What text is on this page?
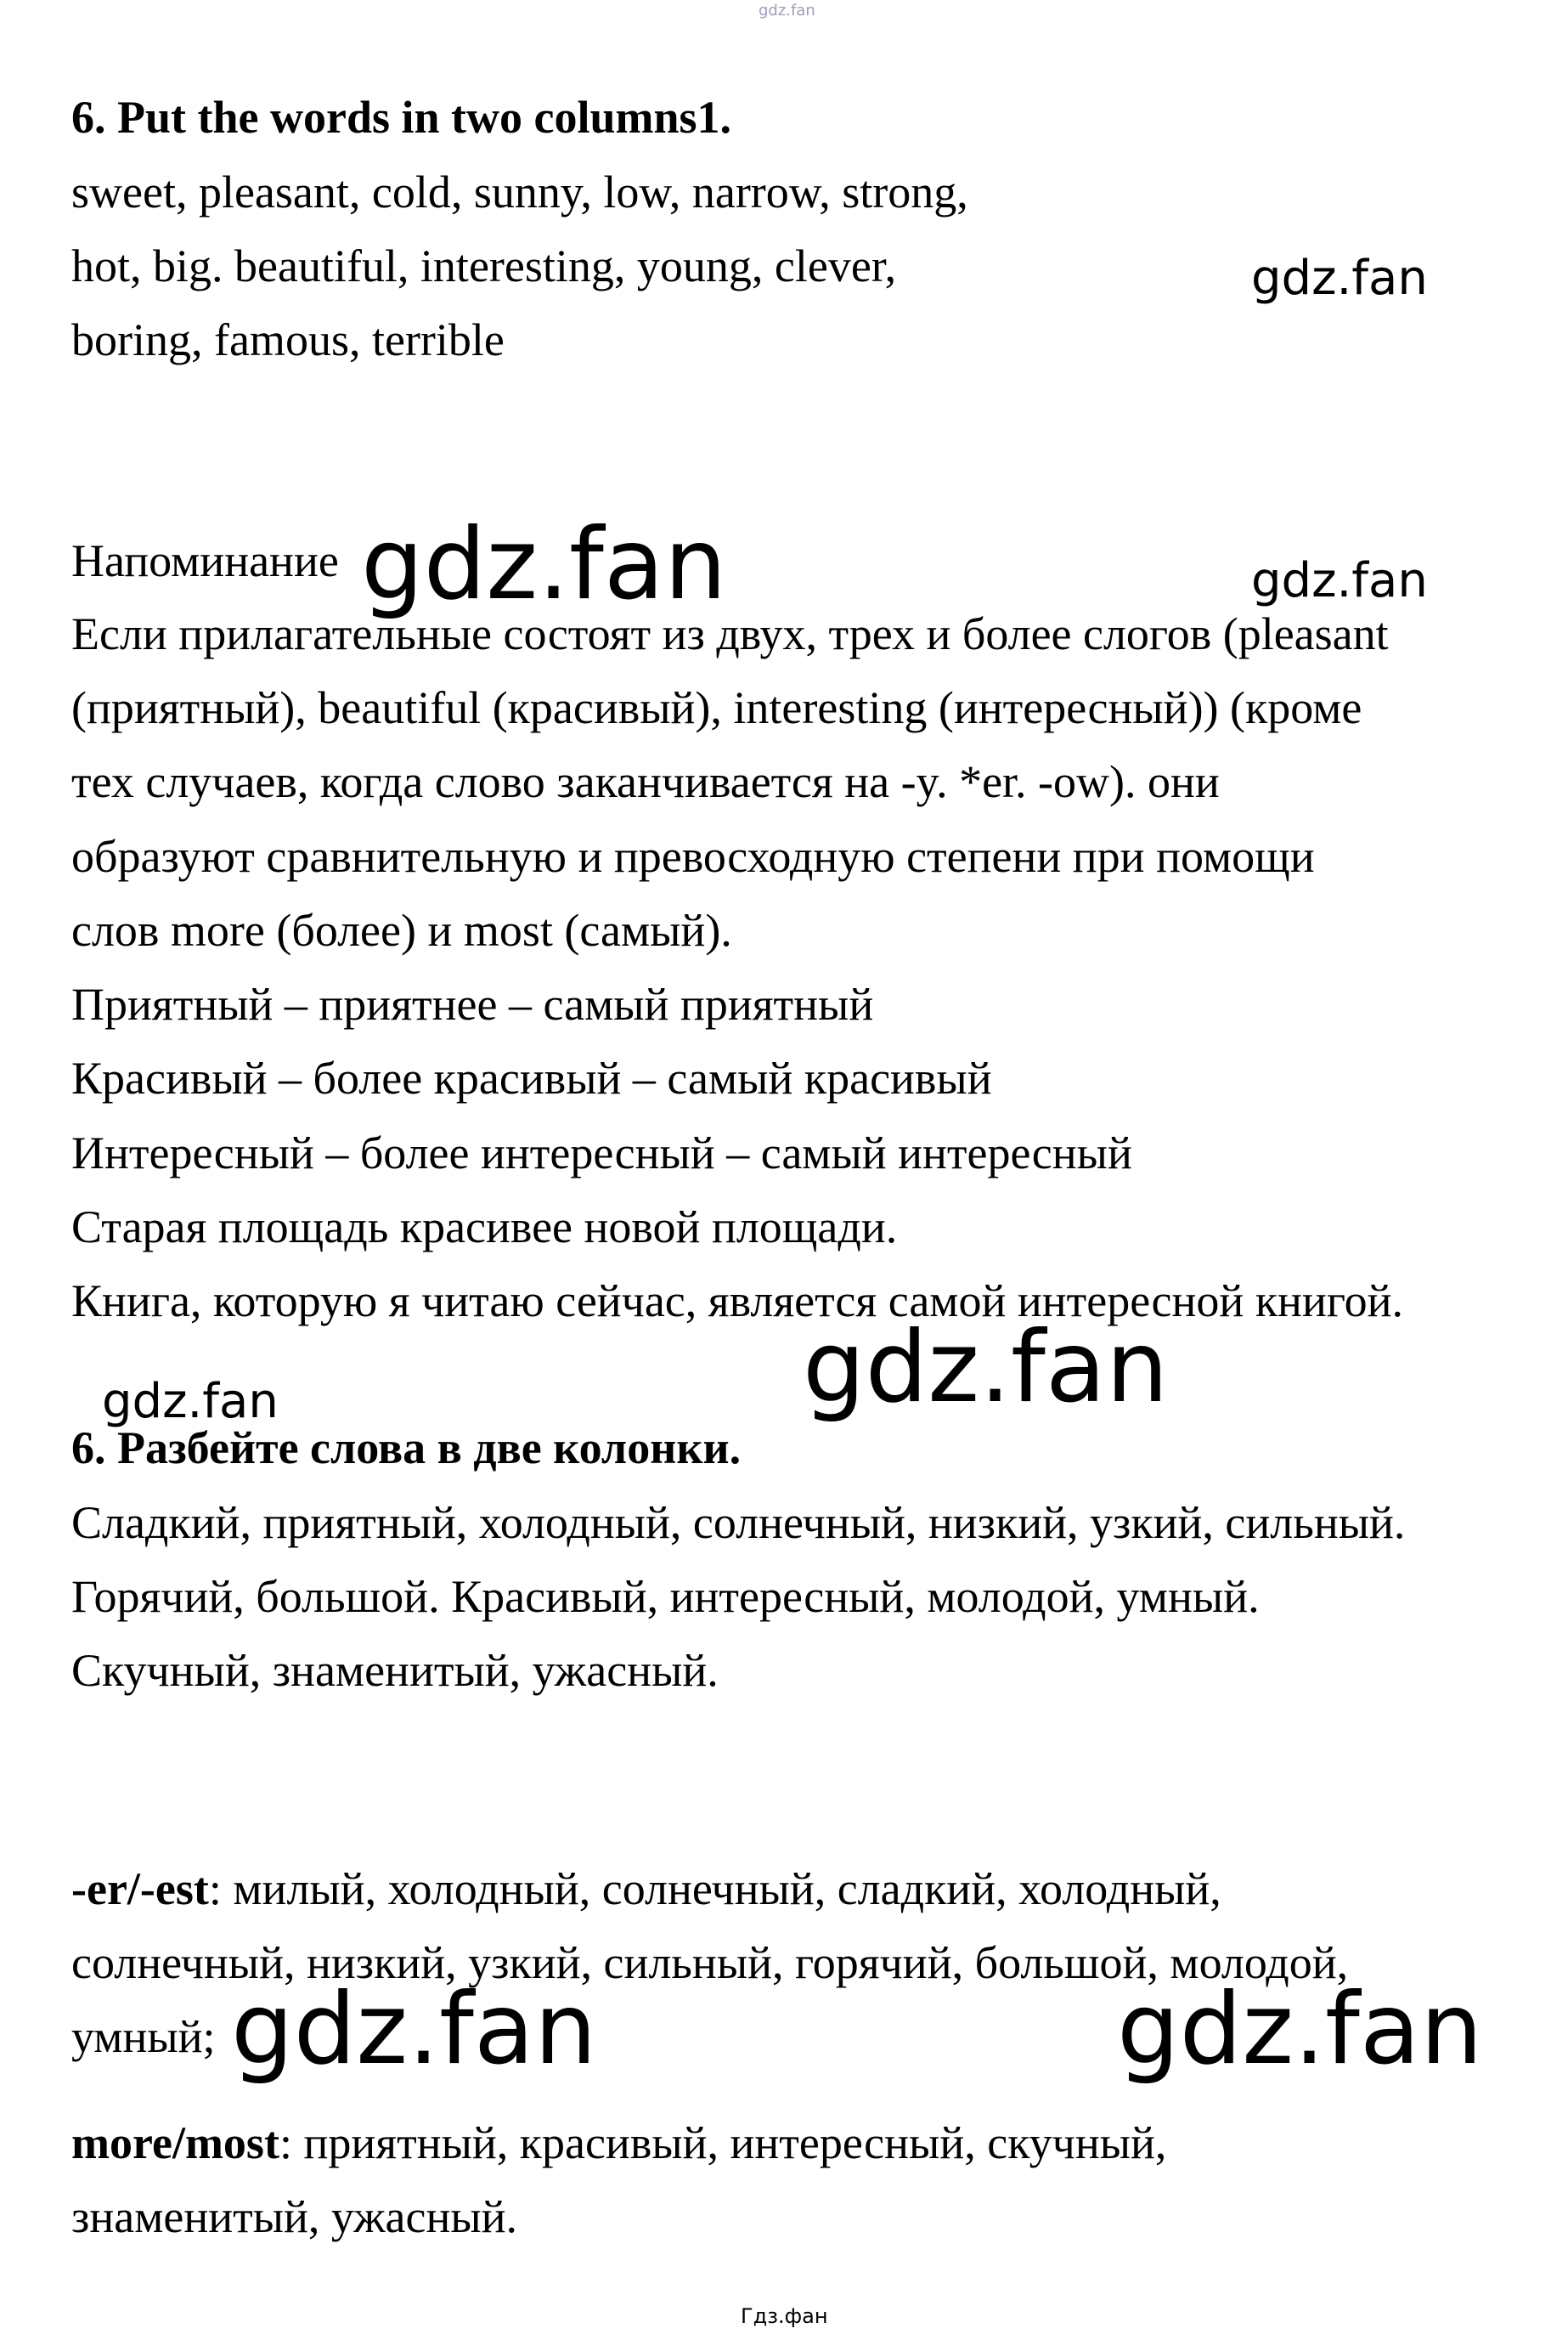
gdz.fan
6. Put the words in two columns1.
sweet, pleasant, cold, sunny, low, narrow, strong,
hot, big. beautiful, interesting, young, clever,
boring, famous, terrible
gdz.fan
Напоминание gdz.fan	gdz.fan
Если прилагательные состоят из двух, трех и более слогов (pleasant
(приятный), beautiful (красивый), interesting (интересный)) (кроме
тех случаев, когда слово заканчивается на -y. *er. -ow). они
образуют сравнительную и превосходную степени при помощи
слов more (более) и most (самый).
Приятный – приятнее – самый приятный
Красивый – более красивый – самый красивый
Интересный – более интересный – самый интересный
Старая площадь красивее новой площади.
Книга, которую я читаю сейчас, является самой интересной книгой.
gdz.fan
gdz.fan
6. Разбейте слова в две колонки.
Сладкий, приятный, холодный, солнечный, низкий, узкий, сильный.
Горячий, большой. Красивый, интересный, молодой, умный.
Скучный, знаменитый, ужасный.
-er/-est: милый, холодный, солнечный, сладкий, холодный,
солнечный, низкий, узкий, сильный, горячий, большой, молодой,
умный; gdz.fan	gdz.fan
more/most: приятный, красивый, интересный, скучный,
знаменитый, ужасный.
Гдз.фан
